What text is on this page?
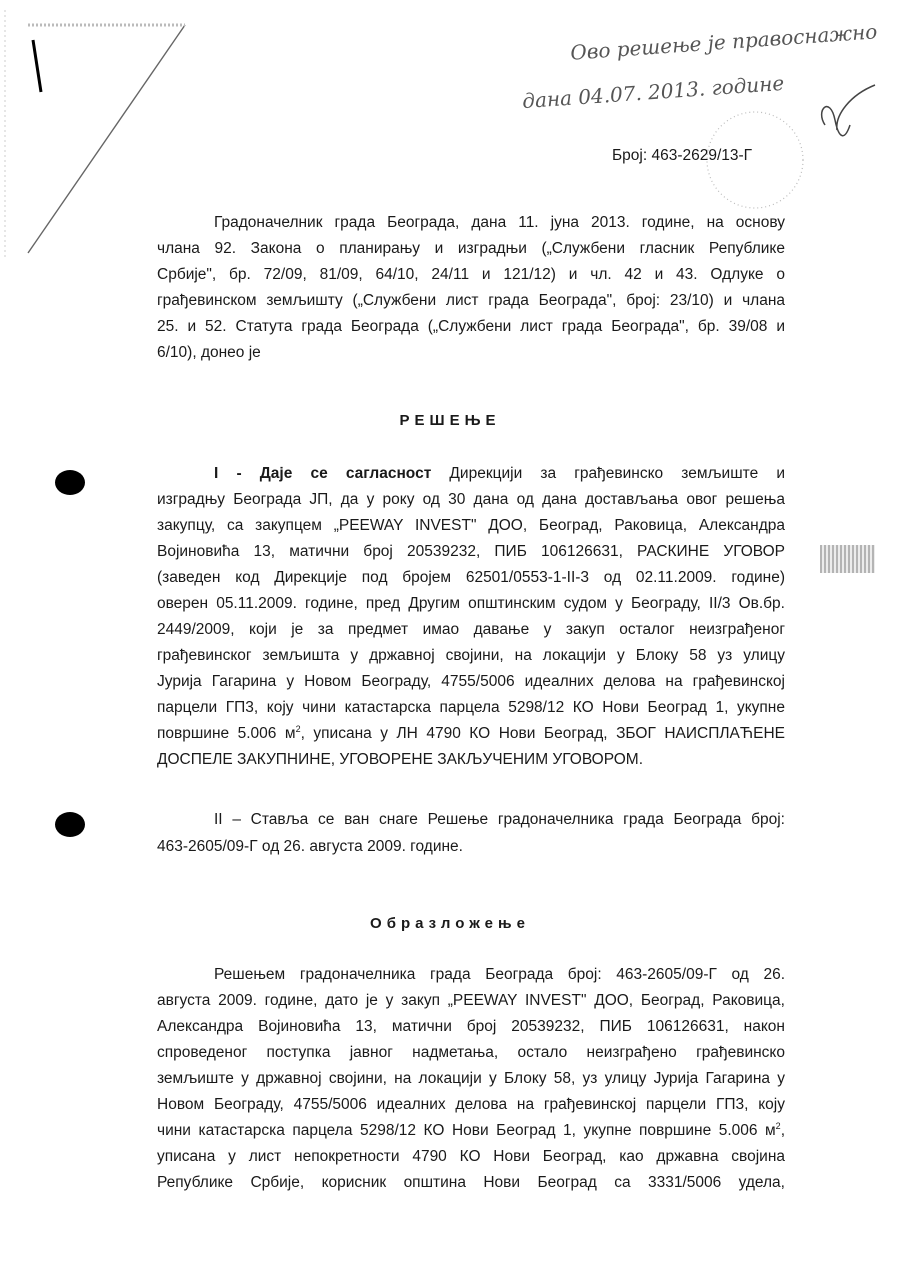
Ово решење је правоснажно
дана 04.07. 2013. године
Број: 463-2629/13-Г
Градоначелник града Београда, дана 11. јуна 2013. године, на основу
члана 92. Закона о планирању и изградњи („Службени гласник Републике
Србије", бр. 72/09, 81/09, 64/10, 24/11 и 121/12) и чл. 42 и 43. Одлуке о
грађевинском земљишту („Службени лист града Београда", број: 23/10) и члана
25. и 52. Статута града Београда („Службени лист града Београда", бр. 39/08 и
6/10), донео је
РЕШЕЊЕ
I - Даје се сагласност Дирекцији за грађевинско земљиште и
изградњу Београда ЈП, да у року од 30 дана од дана достављања овог решења
закупцу, са закупцем „PEEWAY INVEST" ДОО, Београд, Раковица, Александра
Војиновића 13, матични број 20539232, ПИБ 106126631, РАСКИНЕ УГОВОР
(заведен код Дирекције под бројем 62501/0553-1-II-3 од 02.11.2009. године)
оверен 05.11.2009. године, пред Другим општинским судом у Београду, II/3 Ов.бр.
2449/2009, који је за предмет имао давање у закуп осталог неизграђеног
грађевинског земљишта у државној својини, на локацији у Блоку 58 уз улицу
Јурија Гагарина у Новом Београду, 4755/5006 идеалних делова на грађевинској
парцели ГП3, коју чини катастарска парцела 5298/12 КО Нови Београд 1, укупне
површине 5.006 $м^2$, уписана у ЛН 4790 КО Нови Београд, ЗБОГ НАИСПЛАЋЕНЕ
ДОСПЕЛЕ ЗАКУПНИНЕ, УГОВОРЕНЕ ЗАКЉУЧЕНИМ УГОВОРОМ.
II – Ставља се ван снаге Решење градоначелника града Београда број:
463-2605/09-Г од 26. августа 2009. године.
Образложење
Решењем градоначелника града Београда број: 463-2605/09-Г од 26.
августа 2009. године, дато је у закуп „PEEWAY INVEST" ДОО, Београд, Раковица,
Александра Војиновића 13, матични број 20539232, ПИБ 106126631, након
спроведеног поступка јавног надметања, остало неизграђено грађевинско
земљиште у државној својини, на локацији у Блоку 58, уз улицу Јурија Гагарина у
Новом Београду, 4755/5006 идеалних делова на грађевинској парцели ГП3, коју
чини катастарска парцела 5298/12 КО Нови Београд 1, укупне површине 5.006 $м^2$,
уписана у лист непокретности 4790 КО Нови Београд, као државна својина
Републике Србије, корисник општина Нови Београд са 3331/5006 удела,
